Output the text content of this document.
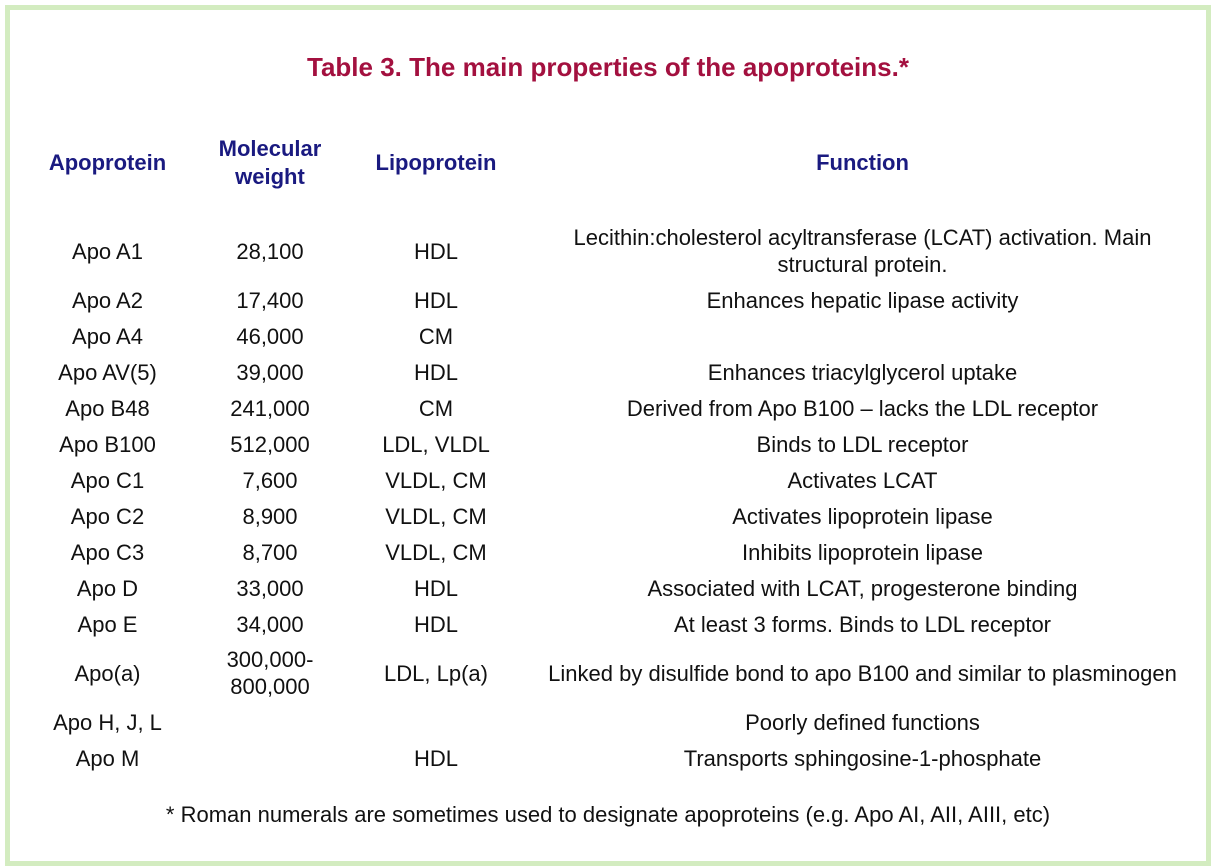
Table 3. The main properties of the apoproteins.*
Apoprotein	Molecular weight	Lipoprotein	Function

Apo A1	28,100	HDL	Lecithin:cholesterol acyltransferase (LCAT) activation. Main structural protein.
Apo A2	17,400	HDL	Enhances hepatic lipase activity
Apo A4	46,000	CM	
Apo AV(5)	39,000	HDL	Enhances triacylglycerol uptake
Apo B48	241,000	CM	Derived from Apo B100 – lacks the LDL receptor
Apo B100	512,000	LDL, VLDL	Binds to LDL receptor
Apo C1	7,600	VLDL, CM	Activates LCAT
Apo C2	8,900	VLDL, CM	Activates lipoprotein lipase
Apo C3	8,700	VLDL, CM	Inhibits lipoprotein lipase
Apo D	33,000	HDL	Associated with LCAT, progesterone binding
Apo E	34,000	HDL	At least 3 forms. Binds to LDL receptor
Apo(a)	300,000-800,000	LDL, Lp(a)	Linked by disulfide bond to apo B100 and similar to plasminogen
Apo H, J, L			Poorly defined functions
Apo M		HDL	Transports sphingosine-1-phosphate
* Roman numerals are sometimes used to designate apoproteins (e.g. Apo AI, AII, AIII, etc)
